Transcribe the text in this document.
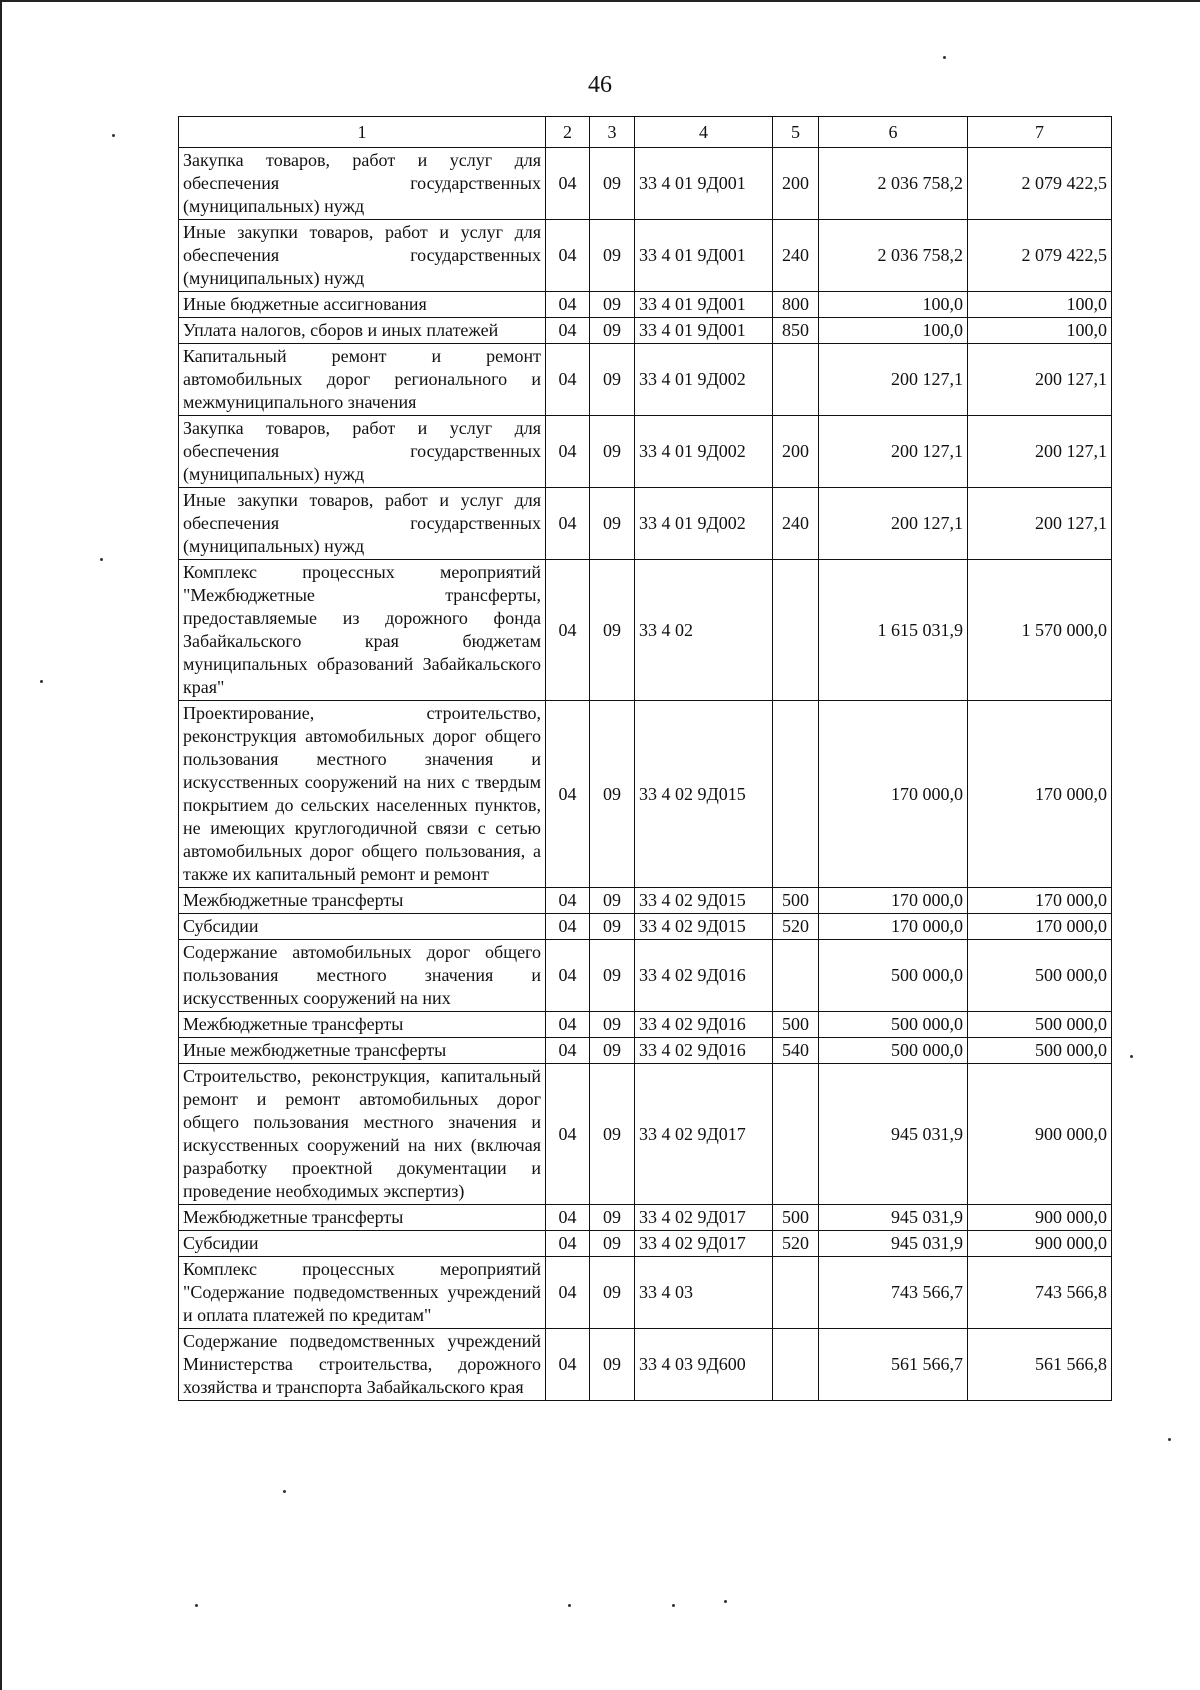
46
1	2	3	4	5	6	7
Закупка товаров, работ и услуг для обеспечения государственных (муниципальных) нужд	04	09	33 4 01 9Д001	200	2 036 758,2	2 079 422,5
Иные закупки товаров, работ и услуг для обеспечения государственных (муниципальных) нужд	04	09	33 4 01 9Д001	240	2 036 758,2	2 079 422,5
Иные бюджетные ассигнования	04	09	33 4 01 9Д001	800	100,0	100,0
Уплата налогов, сборов и иных платежей	04	09	33 4 01 9Д001	850	100,0	100,0
Капитальный ремонт и ремонт автомобильных дорог регионального и межмуниципального значения	04	09	33 4 01 9Д002		200 127,1	200 127,1
Закупка товаров, работ и услуг для обеспечения государственных (муниципальных) нужд	04	09	33 4 01 9Д002	200	200 127,1	200 127,1
Иные закупки товаров, работ и услуг для обеспечения государственных (муниципальных) нужд	04	09	33 4 01 9Д002	240	200 127,1	200 127,1
Комплекс процессных мероприятий "Межбюджетные трансферты, предоставляемые из дорожного фонда Забайкальского края бюджетам муниципальных образований Забайкальского края"	04	09	33 4 02		1 615 031,9	1 570 000,0
Проектирование, строительство, реконструкция автомобильных дорог общего пользования местного значения и искусственных сооружений на них с твердым покрытием до сельских населенных пунктов, не имеющих круглогодичной связи с сетью автомобильных дорог общего пользования, а также их капитальный ремонт и ремонт	04	09	33 4 02 9Д015		170 000,0	170 000,0
Межбюджетные трансферты	04	09	33 4 02 9Д015	500	170 000,0	170 000,0
Субсидии	04	09	33 4 02 9Д015	520	170 000,0	170 000,0
Содержание автомобильных дорог общего пользования местного значения и искусственных сооружений на них	04	09	33 4 02 9Д016		500 000,0	500 000,0
Межбюджетные трансферты	04	09	33 4 02 9Д016	500	500 000,0	500 000,0
Иные межбюджетные трансферты	04	09	33 4 02 9Д016	540	500 000,0	500 000,0
Строительство, реконструкция, капитальный ремонт и ремонт автомобильных дорог общего пользования местного значения и искусственных сооружений на них (включая разработку проектной документации и проведение необходимых экспертиз)	04	09	33 4 02 9Д017		945 031,9	900 000,0
Межбюджетные трансферты	04	09	33 4 02 9Д017	500	945 031,9	900 000,0
Субсидии	04	09	33 4 02 9Д017	520	945 031,9	900 000,0
Комплекс процессных мероприятий "Содержание подведомственных учреждений и оплата платежей по кредитам"	04	09	33 4 03		743 566,7	743 566,8
Содержание подведомственных учреждений Министерства строительства, дорожного хозяйства и транспорта Забайкальского края	04	09	33 4 03 9Д600		561 566,7	561 566,8
